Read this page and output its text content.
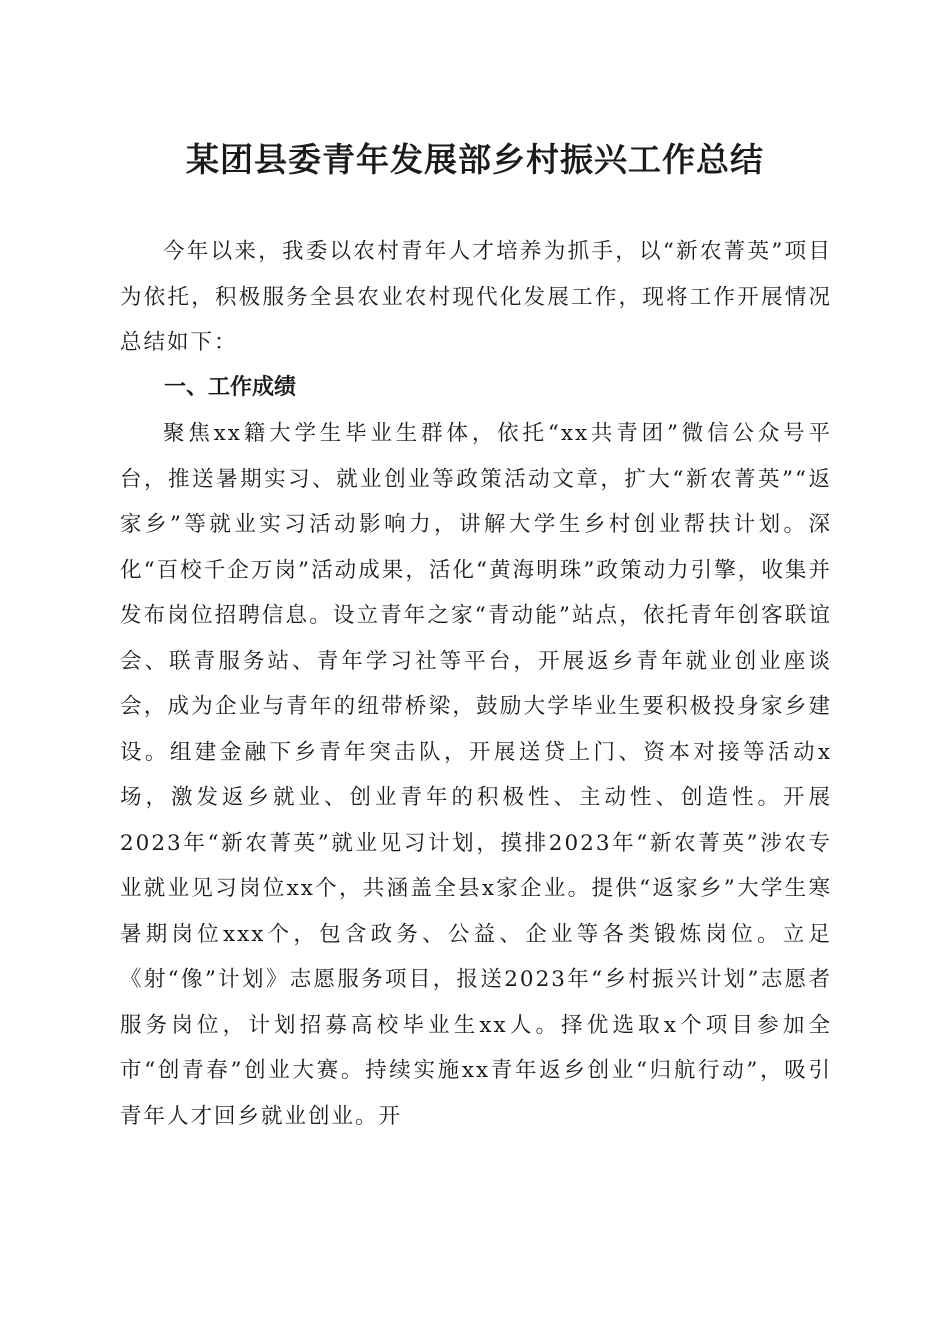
某团县委青年发展部乡村振兴工作总结

今年以来，我委以农村青年人才培养为抓手，以“新农菁英”项目为依托，积极服务全县农业农村现代化发展工作，现将工作开展情况总结如下：

一、工作成绩

聚焦xx籍大学生毕业生群体，依托“xx共青团”微信公众号平台，推送暑期实习、就业创业等政策活动文章，扩大“新农菁英”“返家乡”等就业实习活动影响力，讲解大学生乡村创业帮扶计划。深化“百校千企万岗”活动成果，活化“黄海明珠”政策动力引擎，收集并发布岗位招聘信息。设立青年之家“青动能”站点，依托青年创客联谊会、联青服务站、青年学习社等平台，开展返乡青年就业创业座谈会，成为企业与青年的纽带桥梁，鼓励大学毕业生要积极投身家乡建设。组建金融下乡青年突击队，开展送贷上门、资本对接等活动x场，激发返乡就业、创业青年的积极性、主动性、创造性。开展2023年“新农菁英”就业见习计划，摸排2023年“新农菁英”涉农专业就业见习岗位xx个，共涵盖全县x家企业。提供“返家乡”大学生寒暑期岗位xxx个，包含政务、公益、企业等各类锻炼岗位。立足《射“像”计划》志愿服务项目，报送2023年“乡村振兴计划”志愿者服务岗位，计划招募高校毕业生xx人。择优选取x个项目参加全市“创青春”创业大赛。持续实施xx青年返乡创业“归航行动”，吸引青年人才回乡就业创业。开
